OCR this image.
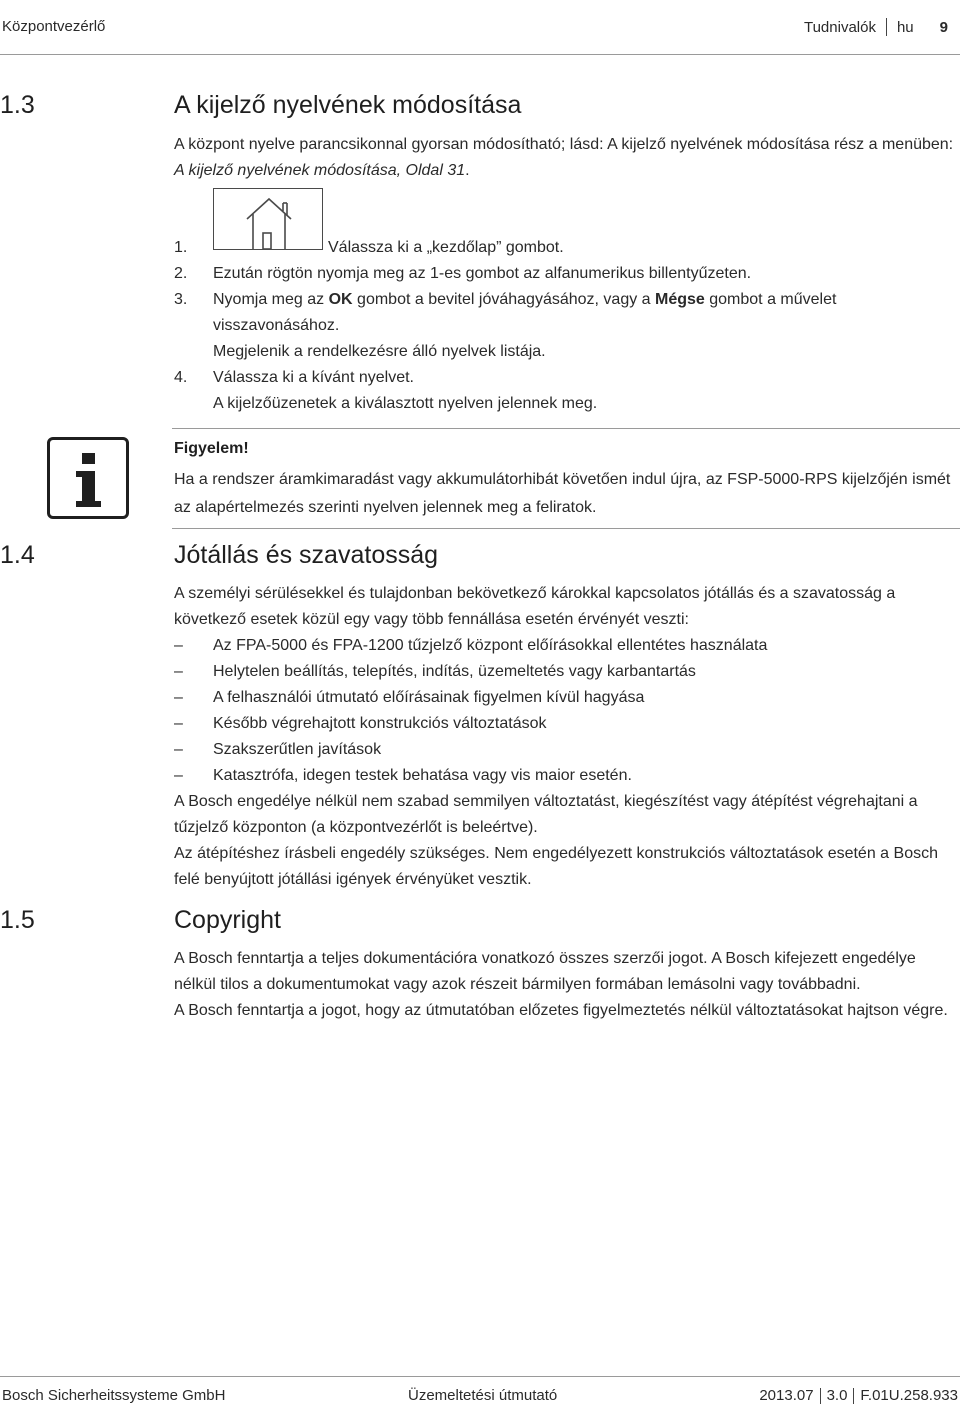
Központvezérlő	Tudnivalók hu 9
1.3	A kijelző nyelvének módosítása

A központ nyelve parancsikonnal gyorsan módosítható; lásd: A kijelző nyelvének módosítása rész a menüben: A kijelző nyelvének módosítása, Oldal 31.

1.	Válassza ki a „kezdőlap” gombot.
2.	Ezután rögtön nyomja meg az 1-es gombot az alfanumerikus billentyűzeten.
3.	Nyomja meg az OK gombot a bevitel jóváhagyásához, vagy a Mégse gombot a művelet visszavonásához.
Megjelenik a rendelkezésre álló nyelvek listája.
4.	Válassza ki a kívánt nyelvet.
A kijelzőüzenetek a kiválasztott nyelven jelennek meg.
Figyelem!
Ha a rendszer áramkimaradást vagy akkumulátorhibát követően indul újra, az FSP-5000-RPS kijelzőjén ismét az alapértelmezés szerinti nyelven jelennek meg a feliratok.
1.4	Jótállás és szavatosság

A személyi sérülésekkel és tulajdonban bekövetkező károkkal kapcsolatos jótállás és a szavatosság a következő esetek közül egy vagy több fennállása esetén érvényét veszti:

–	Az FPA-5000 és FPA-1200 tűzjelző központ előírásokkal ellentétes használata
–	Helytelen beállítás, telepítés, indítás, üzemeltetés vagy karbantartás
–	A felhasználói útmutató előírásainak figyelmen kívül hagyása
–	Később végrehajtott konstrukciós változtatások
–	Szakszerűtlen javítások
–	Katasztrófa, idegen testek behatása vagy vis maior esetén.

A Bosch engedélye nélkül nem szabad semmilyen változtatást, kiegészítést vagy átépítést végrehajtani a tűzjelző központon (a központvezérlőt is beleértve).

Az átépítéshez írásbeli engedély szükséges. Nem engedélyezett konstrukciós változtatások esetén a Bosch felé benyújtott jótállási igények érvényüket vesztik.

1.5	Copyright

A Bosch fenntartja a teljes dokumentációra vonatkozó összes szerzői jogot. A Bosch kifejezett engedélye nélkül tilos a dokumentumokat vagy azok részeit bármilyen formában lemásolni vagy továbbadni.

A Bosch fenntartja a jogot, hogy az útmutatóban előzetes figyelmeztetés nélkül változtatásokat hajtson végre.

Bosch Sicherheitssysteme GmbH	Üzemeltetési útmutató	2013.07 3.0 F.01U.258.933
